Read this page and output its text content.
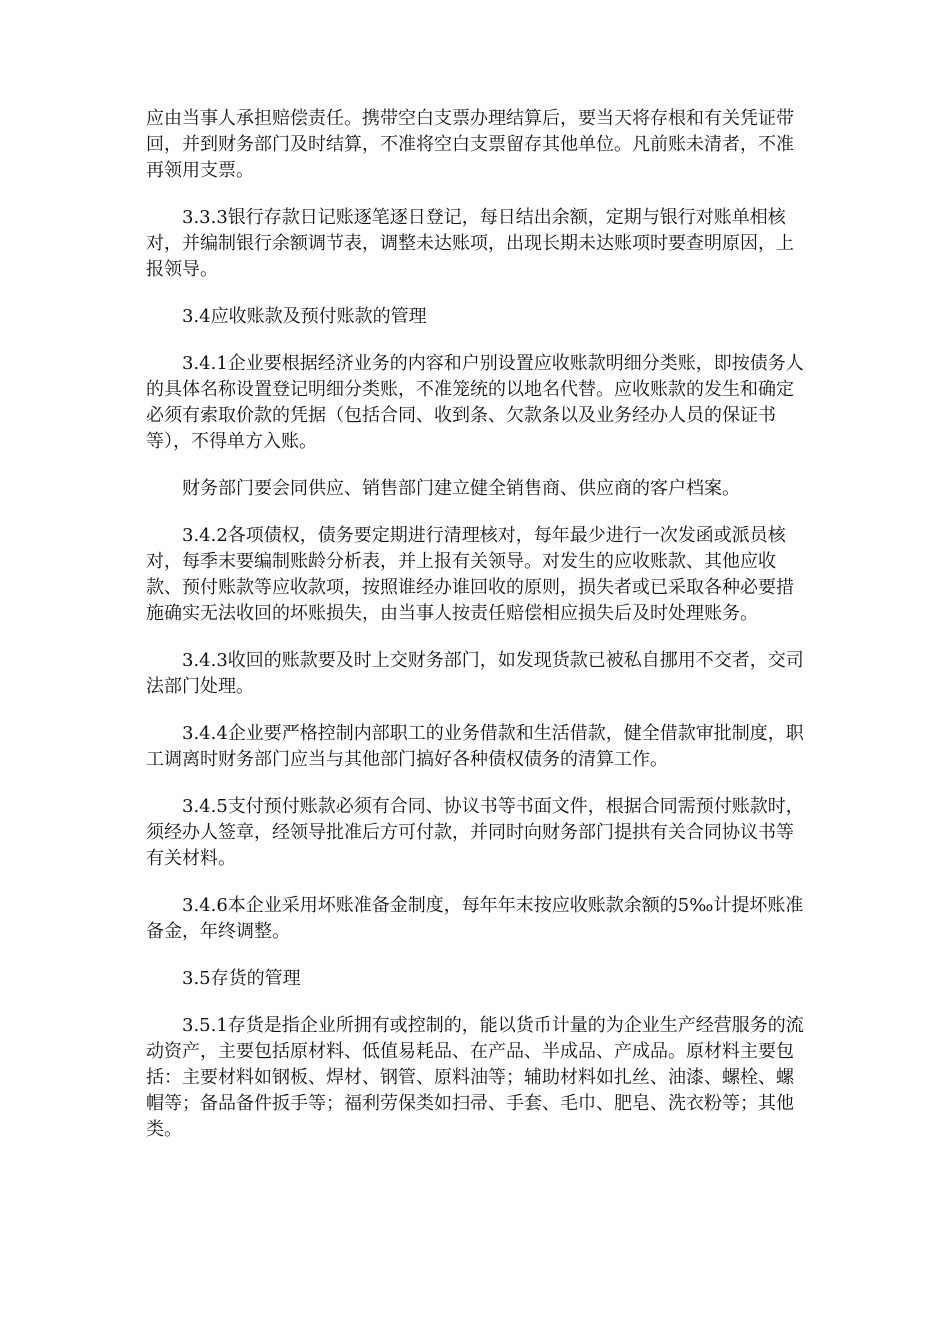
应由当事人承担赔偿责任。携带空白支票办理结算后，要当天将存根和有关凭证带回，并到财务部门及时结算，不准将空白支票留存其他单位。凡前账未清者，不准再领用支票。

3.3.3银行存款日记账逐笔逐日登记，每日结出余额，定期与银行对账单相核对，并编制银行余额调节表，调整未达账项，出现长期未达账项时要查明原因，上报领导。

3.4应收账款及预付账款的管理

3.4.1企业要根据经济业务的内容和户别设置应收账款明细分类账，即按债务人的具体名称设置登记明细分类账，不准笼统的以地名代替。应收账款的发生和确定必须有索取价款的凭据（包括合同、收到条、欠款条以及业务经办人员的保证书等），不得单方入账。

财务部门要会同供应、销售部门建立健全销售商、供应商的客户档案。

3.4.2各项债权，债务要定期进行清理核对，每年最少进行一次发函或派员核对，每季末要编制账龄分析表，并上报有关领导。对发生的应收账款、其他应收款、预付账款等应收款项，按照谁经办谁回收的原则，损失者或已采取各种必要措施确实无法收回的坏账损失，由当事人按责任赔偿相应损失后及时处理账务。

3.4.3收回的账款要及时上交财务部门，如发现货款已被私自挪用不交者，交司法部门处理。

3.4.4企业要严格控制内部职工的业务借款和生活借款，健全借款审批制度，职工调离时财务部门应当与其他部门搞好各种债权债务的清算工作。

3.4.5支付预付账款必须有合同、协议书等书面文件，根据合同需预付账款时，须经办人签章，经领导批准后方可付款，并同时向财务部门提拱有关合同协议书等有关材料。

3.4.6本企业采用坏账准备金制度，每年年末按应收账款余额的5‰计提坏账准备金，年终调整。

3.5存货的管理

3.5.1存货是指企业所拥有或控制的，能以货币计量的为企业生产经营服务的流动资产，主要包括原材料、低值易耗品、在产品、半成品、产成品。原材料主要包括：主要材料如钢板、焊材、钢管、原料油等；辅助材料如扎丝、油漆、螺栓、螺帽等；备品备件扳手等；福利劳保类如扫帚、手套、毛巾、肥皂、洗衣粉等；其他类。
